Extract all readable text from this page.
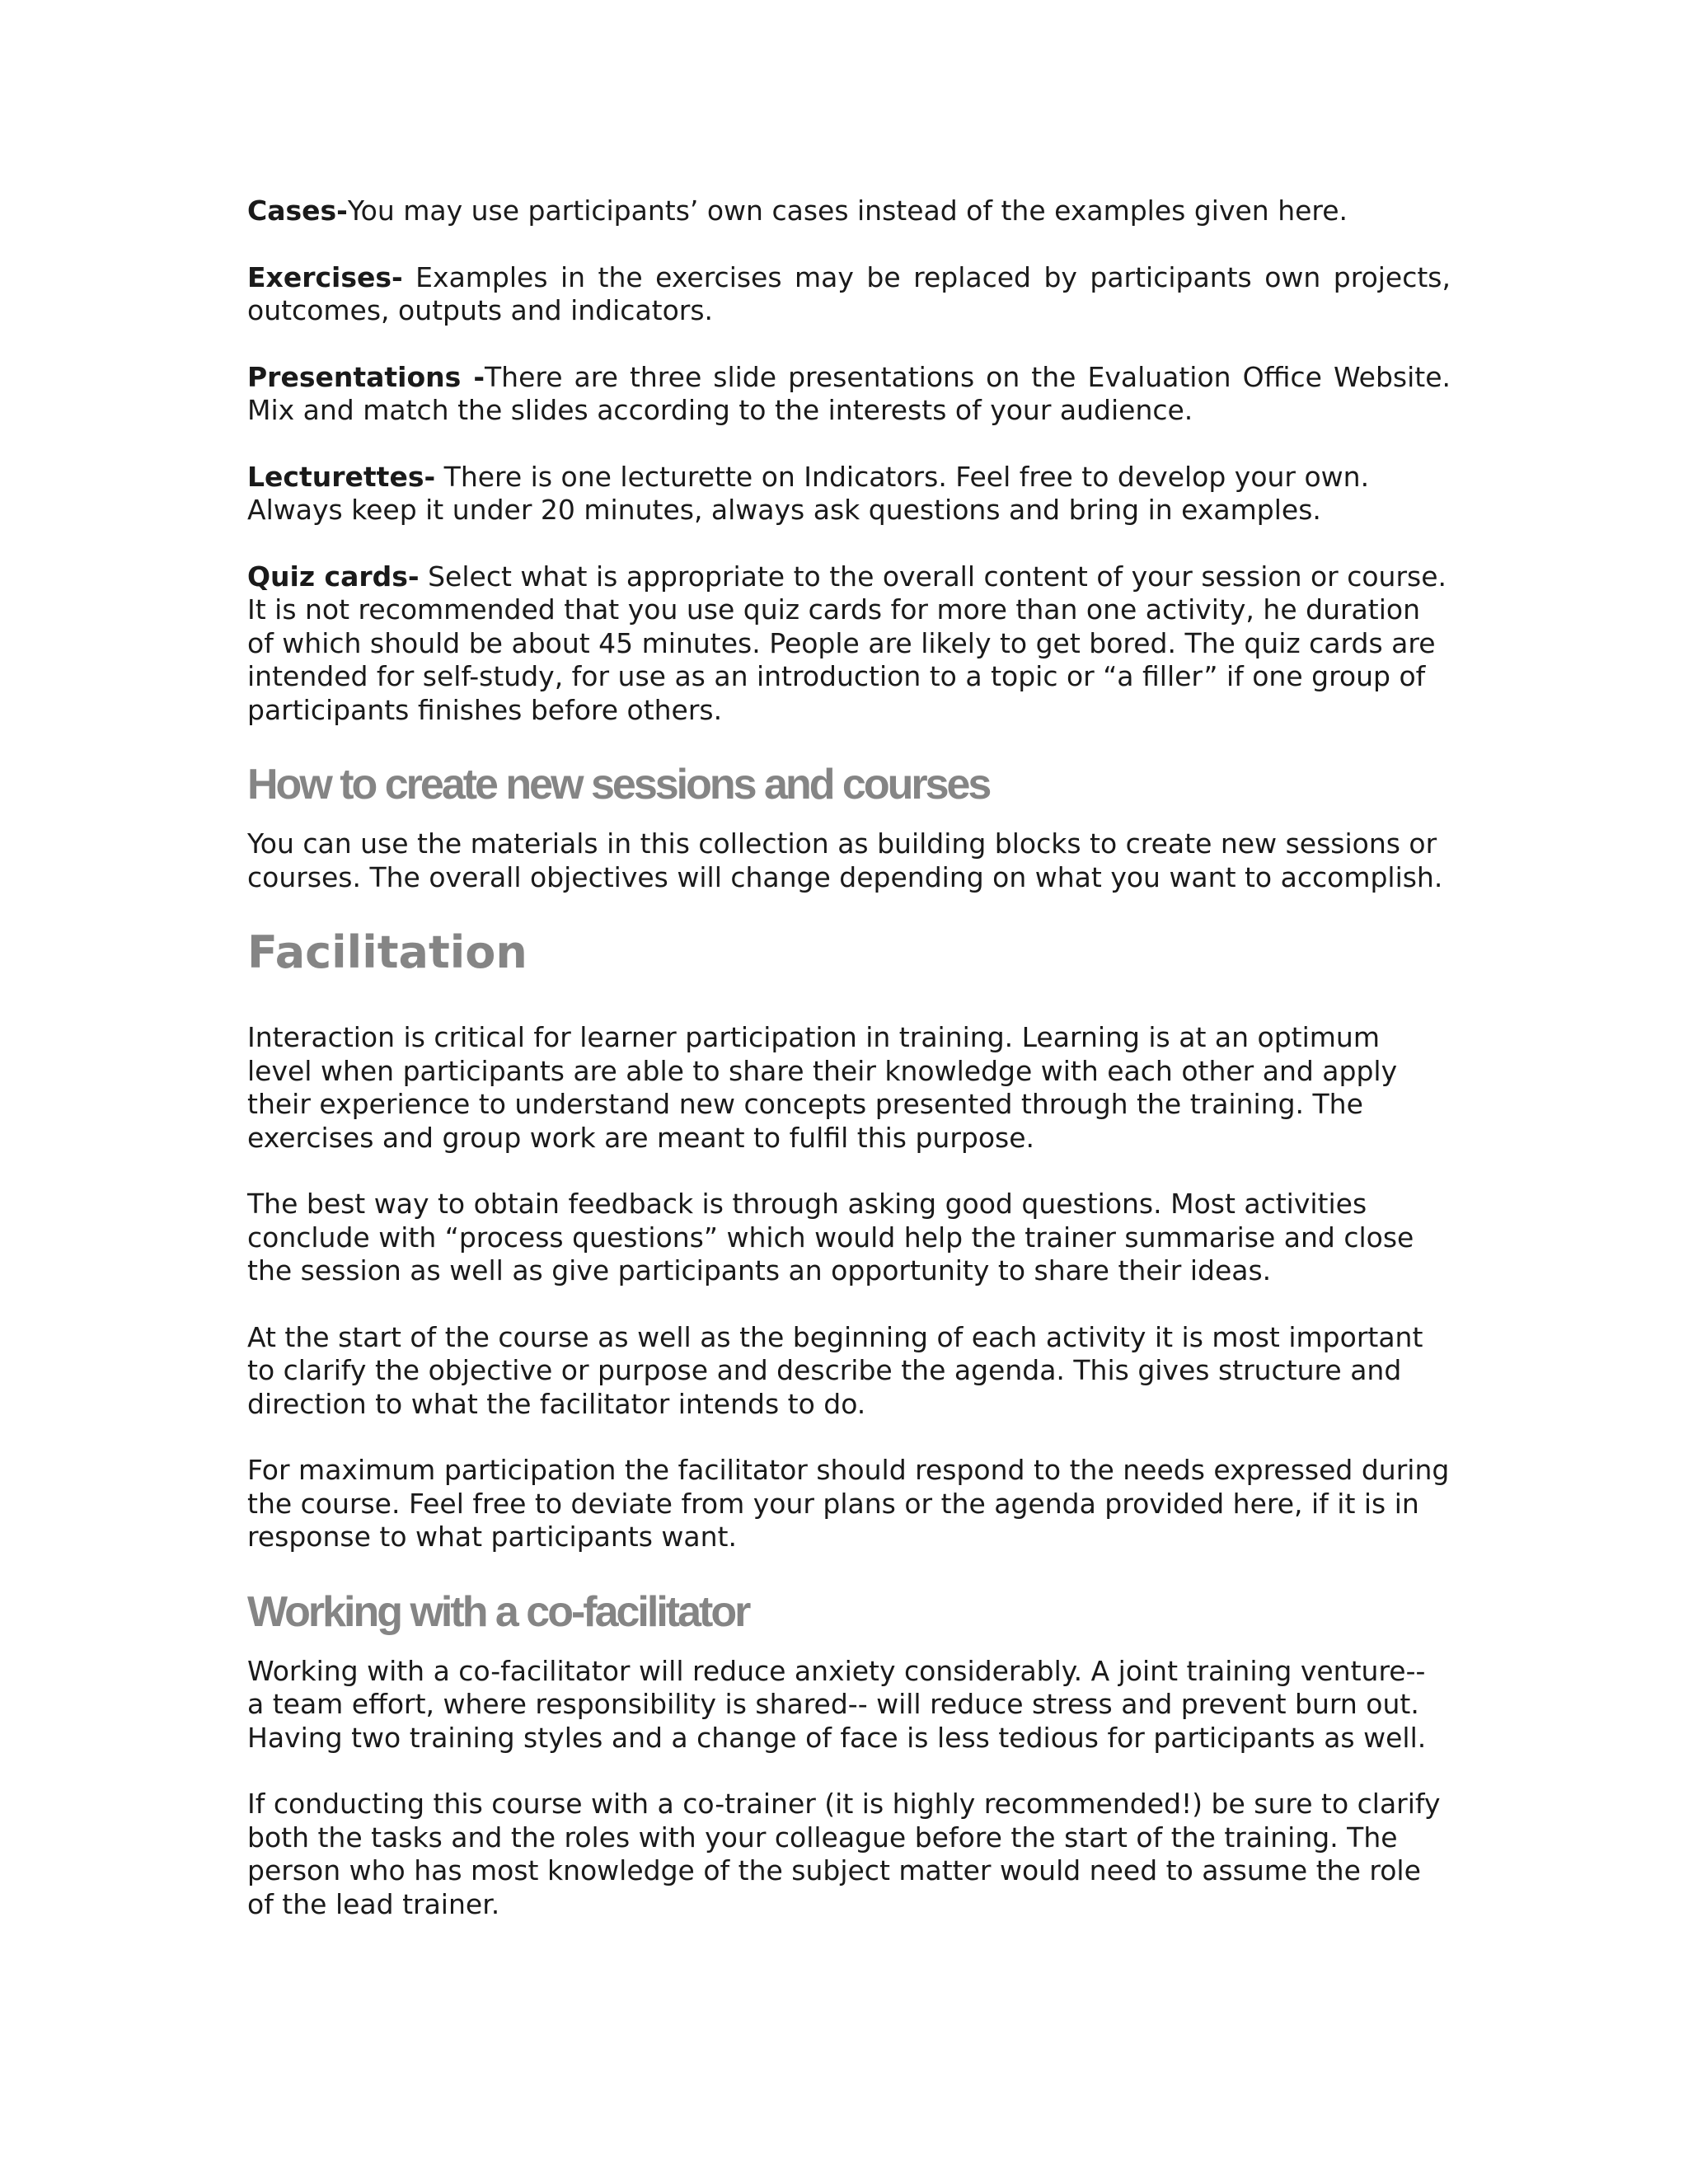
Cases-You may use participants’ own cases instead of the examples given here.

Exercises- Examples in the exercises may be replaced by participants own projects, outcomes, outputs and indicators.

Presentations -There are three slide presentations on the Evaluation Office Website. Mix and match the slides according to the interests of your audience.

Lecturettes- There is one lecturette on Indicators. Feel free to develop your own. Always keep it under 20 minutes, always ask questions and bring in examples.

Quiz cards- Select what is appropriate to the overall content of your session or course. It is not recommended that you use quiz cards for more than one activity, he duration of which should be about 45 minutes. People are likely to get bored. The quiz cards are intended for self-study, for use as an introduction to a topic or “a filler” if one group of participants finishes before others.

How to create new sessions and courses

You can use the materials in this collection as building blocks to create new sessions or courses. The overall objectives will change depending on what you want to accomplish.

Facilitation

Interaction is critical for learner participation in training. Learning is at an optimum level when participants are able to share their knowledge with each other and apply their experience to understand new concepts presented through the training. The exercises and group work are meant to fulfil this purpose.

The best way to obtain feedback is through asking good questions. Most activities conclude with “process questions” which would help the trainer summarise and close the session as well as give participants an opportunity to share their ideas.

At the start of the course as well as the beginning of each activity it is most important to clarify the objective or purpose and describe the agenda. This gives structure and direction to what the facilitator intends to do.

For maximum participation the facilitator should respond to the needs expressed during the course. Feel free to deviate from your plans or the agenda provided here, if it is in response to what participants want.

Working with a co-facilitator

Working with a co-facilitator will reduce anxiety considerably. A joint training venture-- a team effort, where responsibility is shared-- will reduce stress and prevent burn out. Having two training styles and a change of face is less tedious for participants as well.

If conducting this course with a co-trainer (it is highly recommended!) be sure to clarify both the tasks and the roles with your colleague before the start of the training. The person who has most knowledge of the subject matter would need to assume the role of the lead trainer.
